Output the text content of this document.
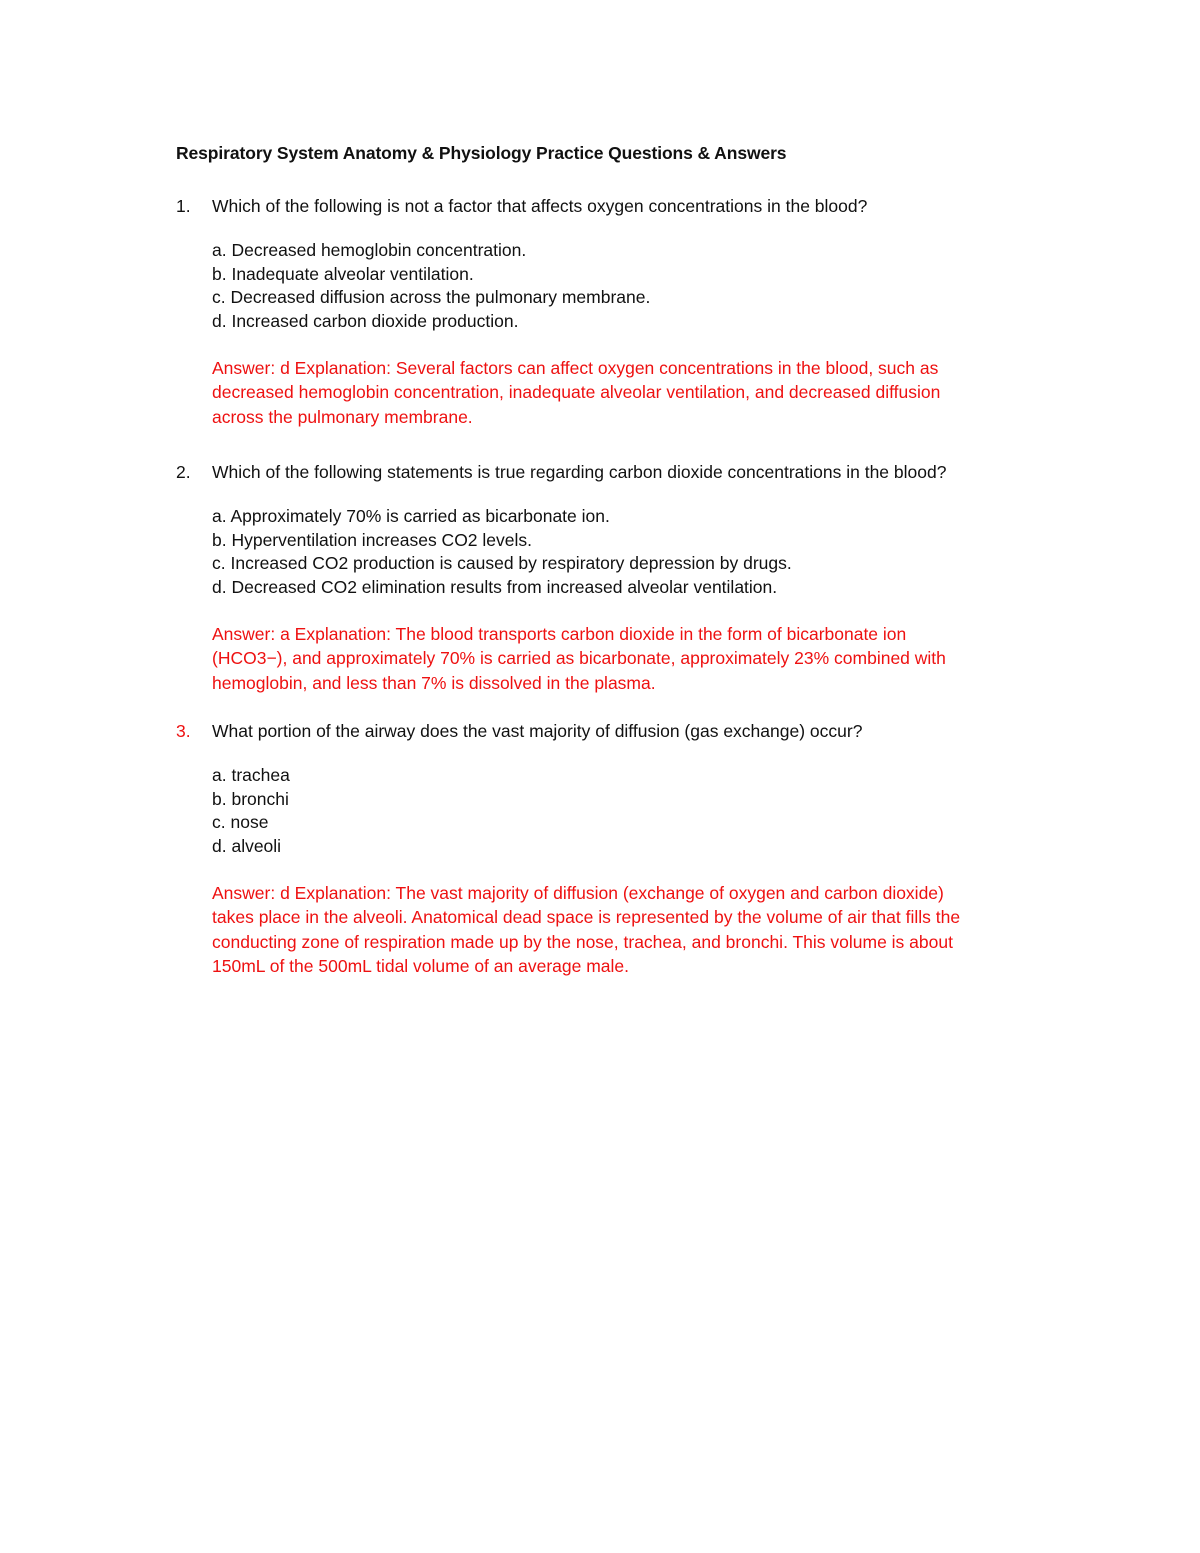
Respiratory System Anatomy & Physiology Practice Questions & Answers
1. Which of the following is not a factor that affects oxygen concentrations in the blood?
a. Decreased hemoglobin concentration.
b. Inadequate alveolar ventilation.
c. Decreased diffusion across the pulmonary membrane.
d. Increased carbon dioxide production.
Answer: d Explanation: Several factors can affect oxygen concentrations in the blood, such as
decreased hemoglobin concentration, inadequate alveolar ventilation, and decreased diffusion
across the pulmonary membrane.
2. Which of the following statements is true regarding carbon dioxide concentrations in the blood?
a. Approximately 70% is carried as bicarbonate ion.
b. Hyperventilation increases CO2 levels.
c. Increased CO2 production is caused by respiratory depression by drugs.
d. Decreased CO2 elimination results from increased alveolar ventilation.
Answer: a Explanation: The blood transports carbon dioxide in the form of bicarbonate ion
(HCO3−), and approximately 70% is carried as bicarbonate, approximately 23% combined with
hemoglobin, and less than 7% is dissolved in the plasma.
3. What portion of the airway does the vast majority of diffusion (gas exchange) occur?
a. trachea
b. bronchi
c. nose
d. alveoli
Answer: d Explanation: The vast majority of diffusion (exchange of oxygen and carbon dioxide)
takes place in the alveoli. Anatomical dead space is represented by the volume of air that fills the
conducting zone of respiration made up by the nose, trachea, and bronchi. This volume is about
150mL of the 500mL tidal volume of an average male.
